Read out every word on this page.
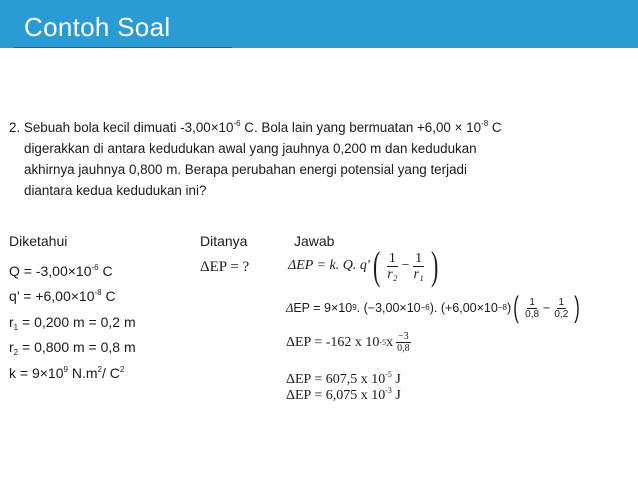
Contoh Soal
2. Sebuah bola kecil dimuati $-3,00\times 10^{-6}$ C. Bola lain yang bermuatan $+6,00 \times 10^{-8}$ C
digerakkan di antara kedudukan awal yang jauhnya 0,200 m dan kedudukan
akhirnya jauhnya 0,800 m. Berapa perubahan energi potensial yang terjadi
diantara kedua kedudukan ini?
Diketahui	Ditanya	Jawab
$Q = -3,00\times 10^{-6}$ C
q’ = $+6,00\times 10^{-8}$ C
$r_1 = 0,200$ m = 0,2 m
$r_2 = 0,800$ m = 0,8 m
$k = 9\times 10^9$ $N.m^2/$ $C^2$
ΔEP = ?	ΔEP = k. Q. q′ ( $\frac{1}{\text{r₂}} - \frac{1}{\text{r₁}}$ )
Δ EP = 9×10 9 . (−3,00×10 −6 ). (+6,00×10 −8 ) ( $\frac{1}{0,8} - \frac{1}{0,2}$ )
ΔEP = -162 x 10 -5 x $\frac{-3}{0,8}$
ΔEP = 607,5 x $10^{-5}$ J
ΔEP = 6,075 x $10^{-3}$ J
